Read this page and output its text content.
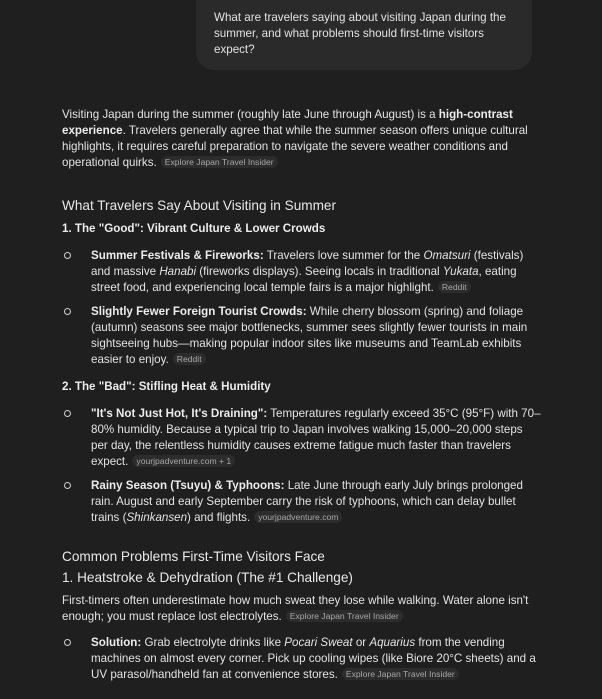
What are travelers saying about visiting Japan during the summer, and what problems should first-time visitors expect?

Visiting Japan during the summer (roughly late June through August) is a high-contrast experience. Travelers generally agree that while the summer season offers unique cultural highlights, it requires careful preparation to navigate the severe weather conditions and operational quirks. Explore Japan Travel Insider

What Travelers Say About Visiting in Summer

1. The "Good": Vibrant Culture & Lower Crowds

Summer Festivals & Fireworks: Travelers love summer for the Omatsuri (festivals) and massive Hanabi (fireworks displays). Seeing locals in traditional Yukata, eating street food, and experiencing local temple fairs is a major highlight. Reddit
Slightly Fewer Foreign Tourist Crowds: While cherry blossom (spring) and foliage (autumn) seasons see major bottlenecks, summer sees slightly fewer tourists in main sightseeing hubs—making popular indoor sites like museums and TeamLab exhibits easier to enjoy. Reddit

2. The "Bad": Stifling Heat & Humidity

"It's Not Just Hot, It's Draining": Temperatures regularly exceed 35°C (95°F) with 70–80% humidity. Because a typical trip to Japan involves walking 15,000–20,000 steps per day, the relentless humidity causes extreme fatigue much faster than travelers expect. yourjpadventure.com + 1
Rainy Season (Tsuyu) & Typhoons: Late June through early July brings prolonged rain. August and early September carry the risk of typhoons, which can delay bullet trains (Shinkansen) and flights. yourjpadventure.com

Common Problems First-Time Visitors Face

1. Heatstroke & Dehydration (The #1 Challenge)

First-timers often underestimate how much sweat they lose while walking. Water alone isn't enough; you must replace lost electrolytes. Explore Japan Travel Insider

Solution: Grab electrolyte drinks like Pocari Sweat or Aquarius from the vending machines on almost every corner. Pick up cooling wipes (like Biore 20°C sheets) and a UV parasol/handheld fan at convenience stores. Explore Japan Travel Insider
